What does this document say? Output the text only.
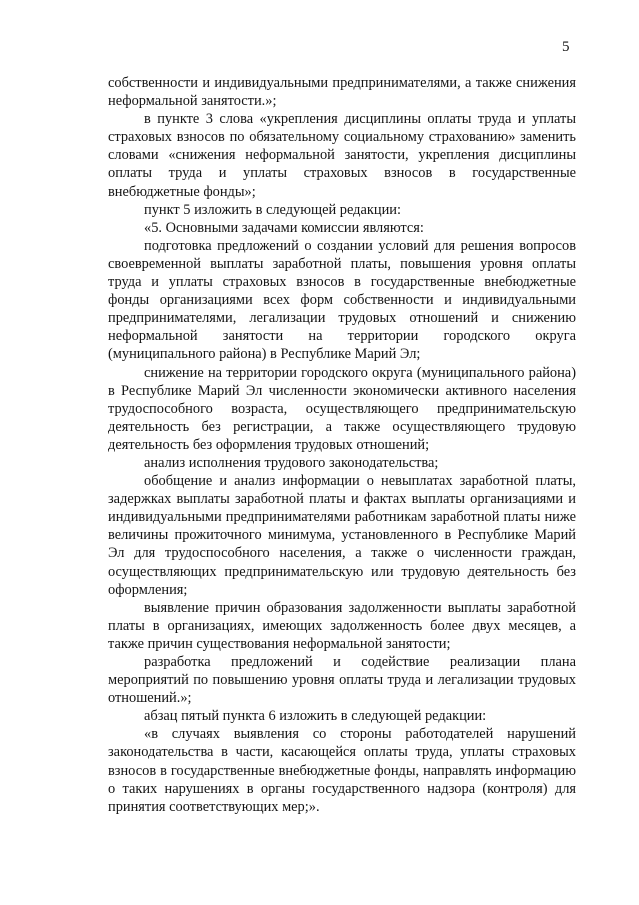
5

собственности и индивидуальными предпринимателями, а также снижения неформальной занятости.»;

в пункте 3 слова «укрепления дисциплины оплаты труда и уплаты страховых взносов по обязательному социальному страхованию» заменить словами «снижения неформальной занятости, укрепления дисциплины оплаты труда и уплаты страховых взносов в государственные внебюджетные фонды»;

пункт 5 изложить в следующей редакции:

«5. Основными задачами комиссии являются:

подготовка предложений о создании условий для решения вопросов своевременной выплаты заработной платы, повышения уровня оплаты труда и уплаты страховых взносов в государственные внебюджетные фонды организациями всех форм собственности и индивидуальными предпринимателями, легализации трудовых отношений и снижению неформальной занятости на территории городского округа (муниципального района) в Республике Марий Эл;

снижение на территории городского округа (муниципального района) в Республике Марий Эл численности экономически активного населения трудоспособного возраста, осуществляющего предпринимательскую деятельность без регистрации, а также осуществляющего трудовую деятельность без оформления трудовых отношений;

анализ исполнения трудового законодательства;

обобщение и анализ информации о невыплатах заработной платы, задержках выплаты заработной платы и фактах выплаты организациями и индивидуальными предпринимателями работникам заработной платы ниже величины прожиточного минимума, установленного в Республике Марий Эл для трудоспособного населения, а также о численности граждан, осуществляющих предпринимательскую или трудовую деятельность без оформления;

выявление причин образования задолженности выплаты заработной платы в организациях, имеющих задолженность более двух месяцев, а также причин существования неформальной занятости;

разработка предложений и содействие реализации плана мероприятий по повышению уровня оплаты труда и легализации трудовых отношений.»;

абзац пятый пункта 6 изложить в следующей редакции:

«в случаях выявления со стороны работодателей нарушений законодательства в части, касающейся оплаты труда, уплаты страховых взносов в государственные внебюджетные фонды, направлять информацию о таких нарушениях в органы государственного надзора (контроля) для принятия соответствующих мер;».
